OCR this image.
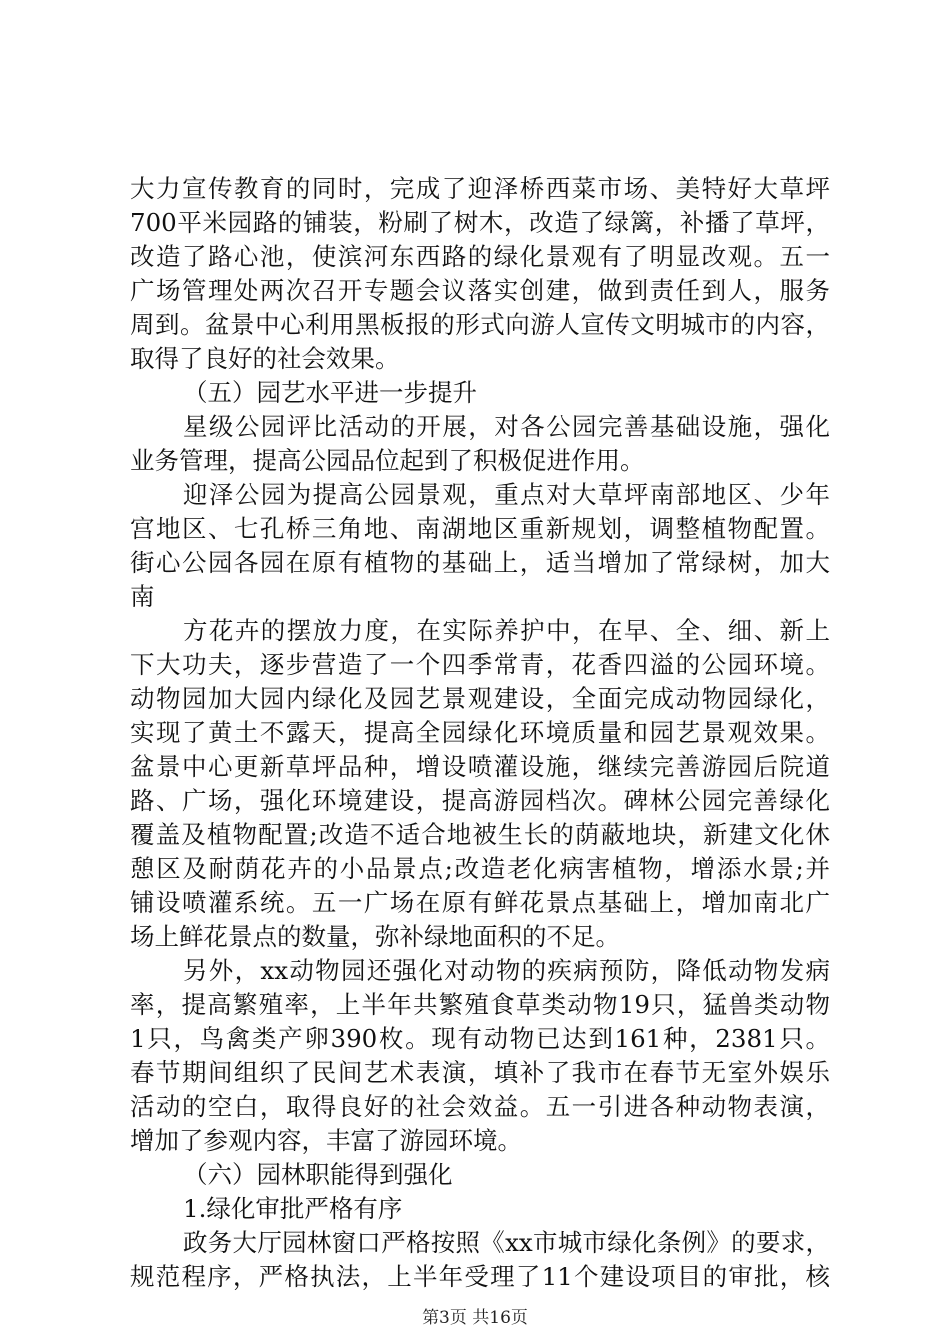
大力宣传教育的同时，完成了迎泽桥西菜市场、美特好大草坪
700平米园路的铺装，粉刷了树木，改造了绿篱，补播了草坪，
改造了路心池，使滨河东西路的绿化景观有了明显改观。五一
广场管理处两次召开专题会议落实创建，做到责任到人，服务
周到。盆景中心利用黑板报的形式向游人宣传文明城市的内容，
取得了良好的社会效果。
（五）园艺水平进一步提升
星级公园评比活动的开展，对各公园完善基础设施，强化
业务管理，提高公园品位起到了积极促进作用。
迎泽公园为提高公园景观，重点对大草坪南部地区、少年
宫地区、七孔桥三角地、南湖地区重新规划，调整植物配置。
街心公园各园在原有植物的基础上，适当增加了常绿树，加大
南
方花卉的摆放力度，在实际养护中，在早、全、细、新上
下大功夫，逐步营造了一个四季常青，花香四溢的公园环境。
动物园加大园内绿化及园艺景观建设，全面完成动物园绿化，
实现了黄土不露天，提高全园绿化环境质量和园艺景观效果。
盆景中心更新草坪品种，增设喷灌设施，继续完善游园后院道
路、广场，强化环境建设，提高游园档次。碑林公园完善绿化
覆盖及植物配置;改造不适合地被生长的荫蔽地块，新建文化休
憩区及耐荫花卉的小品景点;改造老化病害植物，增添水景;并
铺设喷灌系统。五一广场在原有鲜花景点基础上，增加南北广
场上鲜花景点的数量，弥补绿地面积的不足。
另外，xx动物园还强化对动物的疾病预防，降低动物发病
率，提高繁殖率，上半年共繁殖食草类动物19只，猛兽类动物
1只，鸟禽类产卵390枚。现有动物已达到161种，2381只。
春节期间组织了民间艺术表演，填补了我市在春节无室外娱乐
活动的空白，取得良好的社会效益。五一引进各种动物表演，
增加了参观内容，丰富了游园环境。
（六）园林职能得到强化
1.绿化审批严格有序
政务大厅园林窗口严格按照《xx市城市绿化条例》的要求，
规范程序，严格执法，上半年受理了11个建设项目的审批，核
第3页 共16页
